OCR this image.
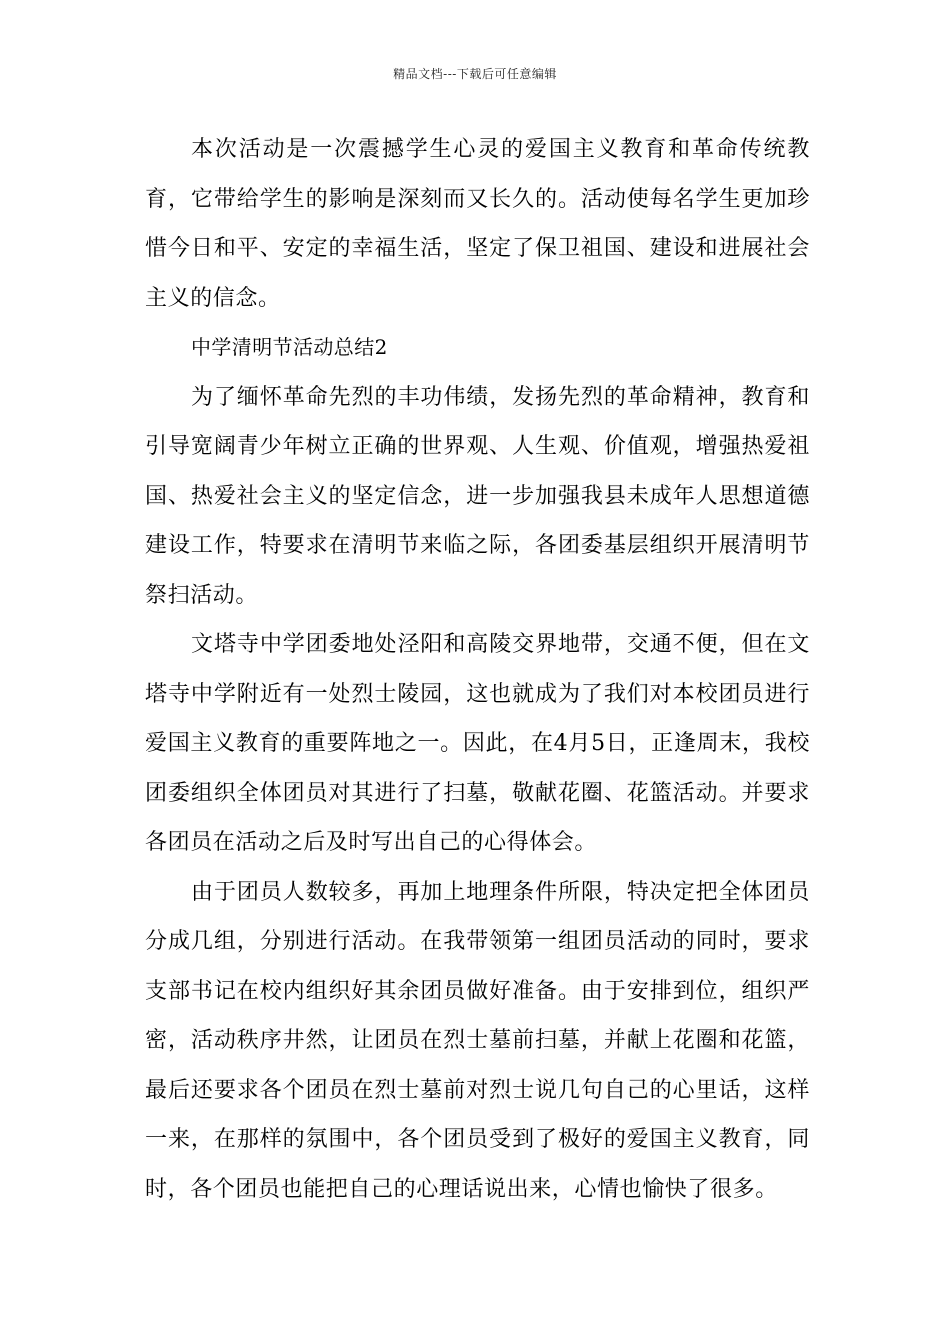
精品文档---下载后可任意编辑

本次活动是一次震撼学生心灵的爱国主义教育和革命传统教育，它带给学生的影响是深刻而又长久的。活动使每名学生更加珍惜今日和平、安定的幸福生活，坚定了保卫祖国、建设和进展社会主义的信念。

中学清明节活动总结2

为了缅怀革命先烈的丰功伟绩，发扬先烈的革命精神，教育和引导宽阔青少年树立正确的世界观、人生观、价值观，增强热爱祖国、热爱社会主义的坚定信念，进一步加强我县未成年人思想道德建设工作，特要求在清明节来临之际，各团委基层组织开展清明节祭扫活动。

文塔寺中学团委地处泾阳和高陵交界地带，交通不便，但在文塔寺中学附近有一处烈士陵园，这也就成为了我们对本校团员进行爱国主义教育的重要阵地之一。因此，在4月5日，正逢周末，我校团委组织全体团员对其进行了扫墓，敬献花圈、花篮活动。并要求各团员在活动之后及时写出自己的心得体会。

由于团员人数较多，再加上地理条件所限，特决定把全体团员分成几组，分别进行活动。在我带领第一组团员活动的同时，要求支部书记在校内组织好其余团员做好准备。由于安排到位，组织严密，活动秩序井然，让团员在烈士墓前扫墓，并献上花圈和花篮，最后还要求各个团员在烈士墓前对烈士说几句自己的心里话，这样一来，在那样的氛围中，各个团员受到了极好的爱国主义教育，同时，各个团员也能把自己的心理话说出来，心情也愉快了很多。
